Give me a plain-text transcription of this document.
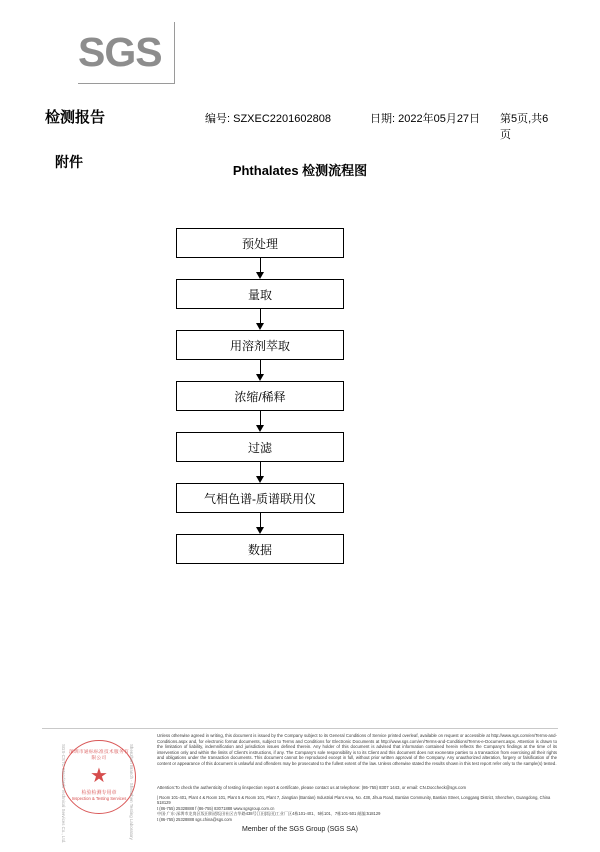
SGS
检测报告	编号: SZXEC2201602808	日期: 2022年05月27日 第5页,共6页
附件
Phthalates 检测流程图
预处理
量取
用溶剂萃取
浓缩/稀释
过滤
气相色谱-质谱联用仪
数据
深圳市通标标准技术服务有限公司
★
检验检测专用章
Inspection & Testing Services
SGS-CSTC Standards Technical Services Co., Ltd.	Shenzhen Branch · Shenzhen Testing Laboratory
Unless otherwise agreed in writing, this document is issued by the Company subject to its General Conditions of Service printed overleaf, available on request or accessible at http://www.sgs.com/en/Terms-and-Conditions.aspx and, for electronic format documents, subject to Terms and Conditions for Electronic Documents at http://www.sgs.com/en/Terms-and-Conditions/Terms-e-Document.aspx. Attention is drawn to the limitation of liability, indemnification and jurisdiction issues defined therein. Any holder of this document is advised that information contained herein reflects the Company's findings at the time of its intervention only and within the limits of Client's instructions, if any. The Company's sole responsibility is to its Client and this document does not exonerate parties to a transaction from exercising all their rights and obligations under the transaction documents. This document cannot be reproduced except in full, without prior written approval of the Company. Any unauthorized alteration, forgery or falsification of the content or appearance of this document is unlawful and offenders may be prosecuted to the fullest extent of the law. Unless otherwise stated the results shown in this test report refer only to the sample(s) tested.
Attention:To check the authenticity of testing /inspection report & certificate, please contact us at telephone: (86-755) 8307 1443, or email: CN.Doccheck@sgs.com
| Room 101-401, Plant 4 & Room 101, Plant 5 & Room 101, Plant 7, Jiangtian (Bantian) Industrial Plant Area, No. 438, Jihua Road, Bantian Community, Bantian Street, Longgang District, Shenzhen, Guangdong, China 518129
t (86-755) 25328888 f (86-755) 83071888 www.sgsgroup.com.cn
中国·广东·深圳市龙岗区坂田街道坂田社区吉华路438号江田(坂田)工业厂区4栋101-401、5栋101、7栋101-501 邮编:518129
t (86-755) 25328888 sgs.china@sgs.com
Member of the SGS Group (SGS SA)
